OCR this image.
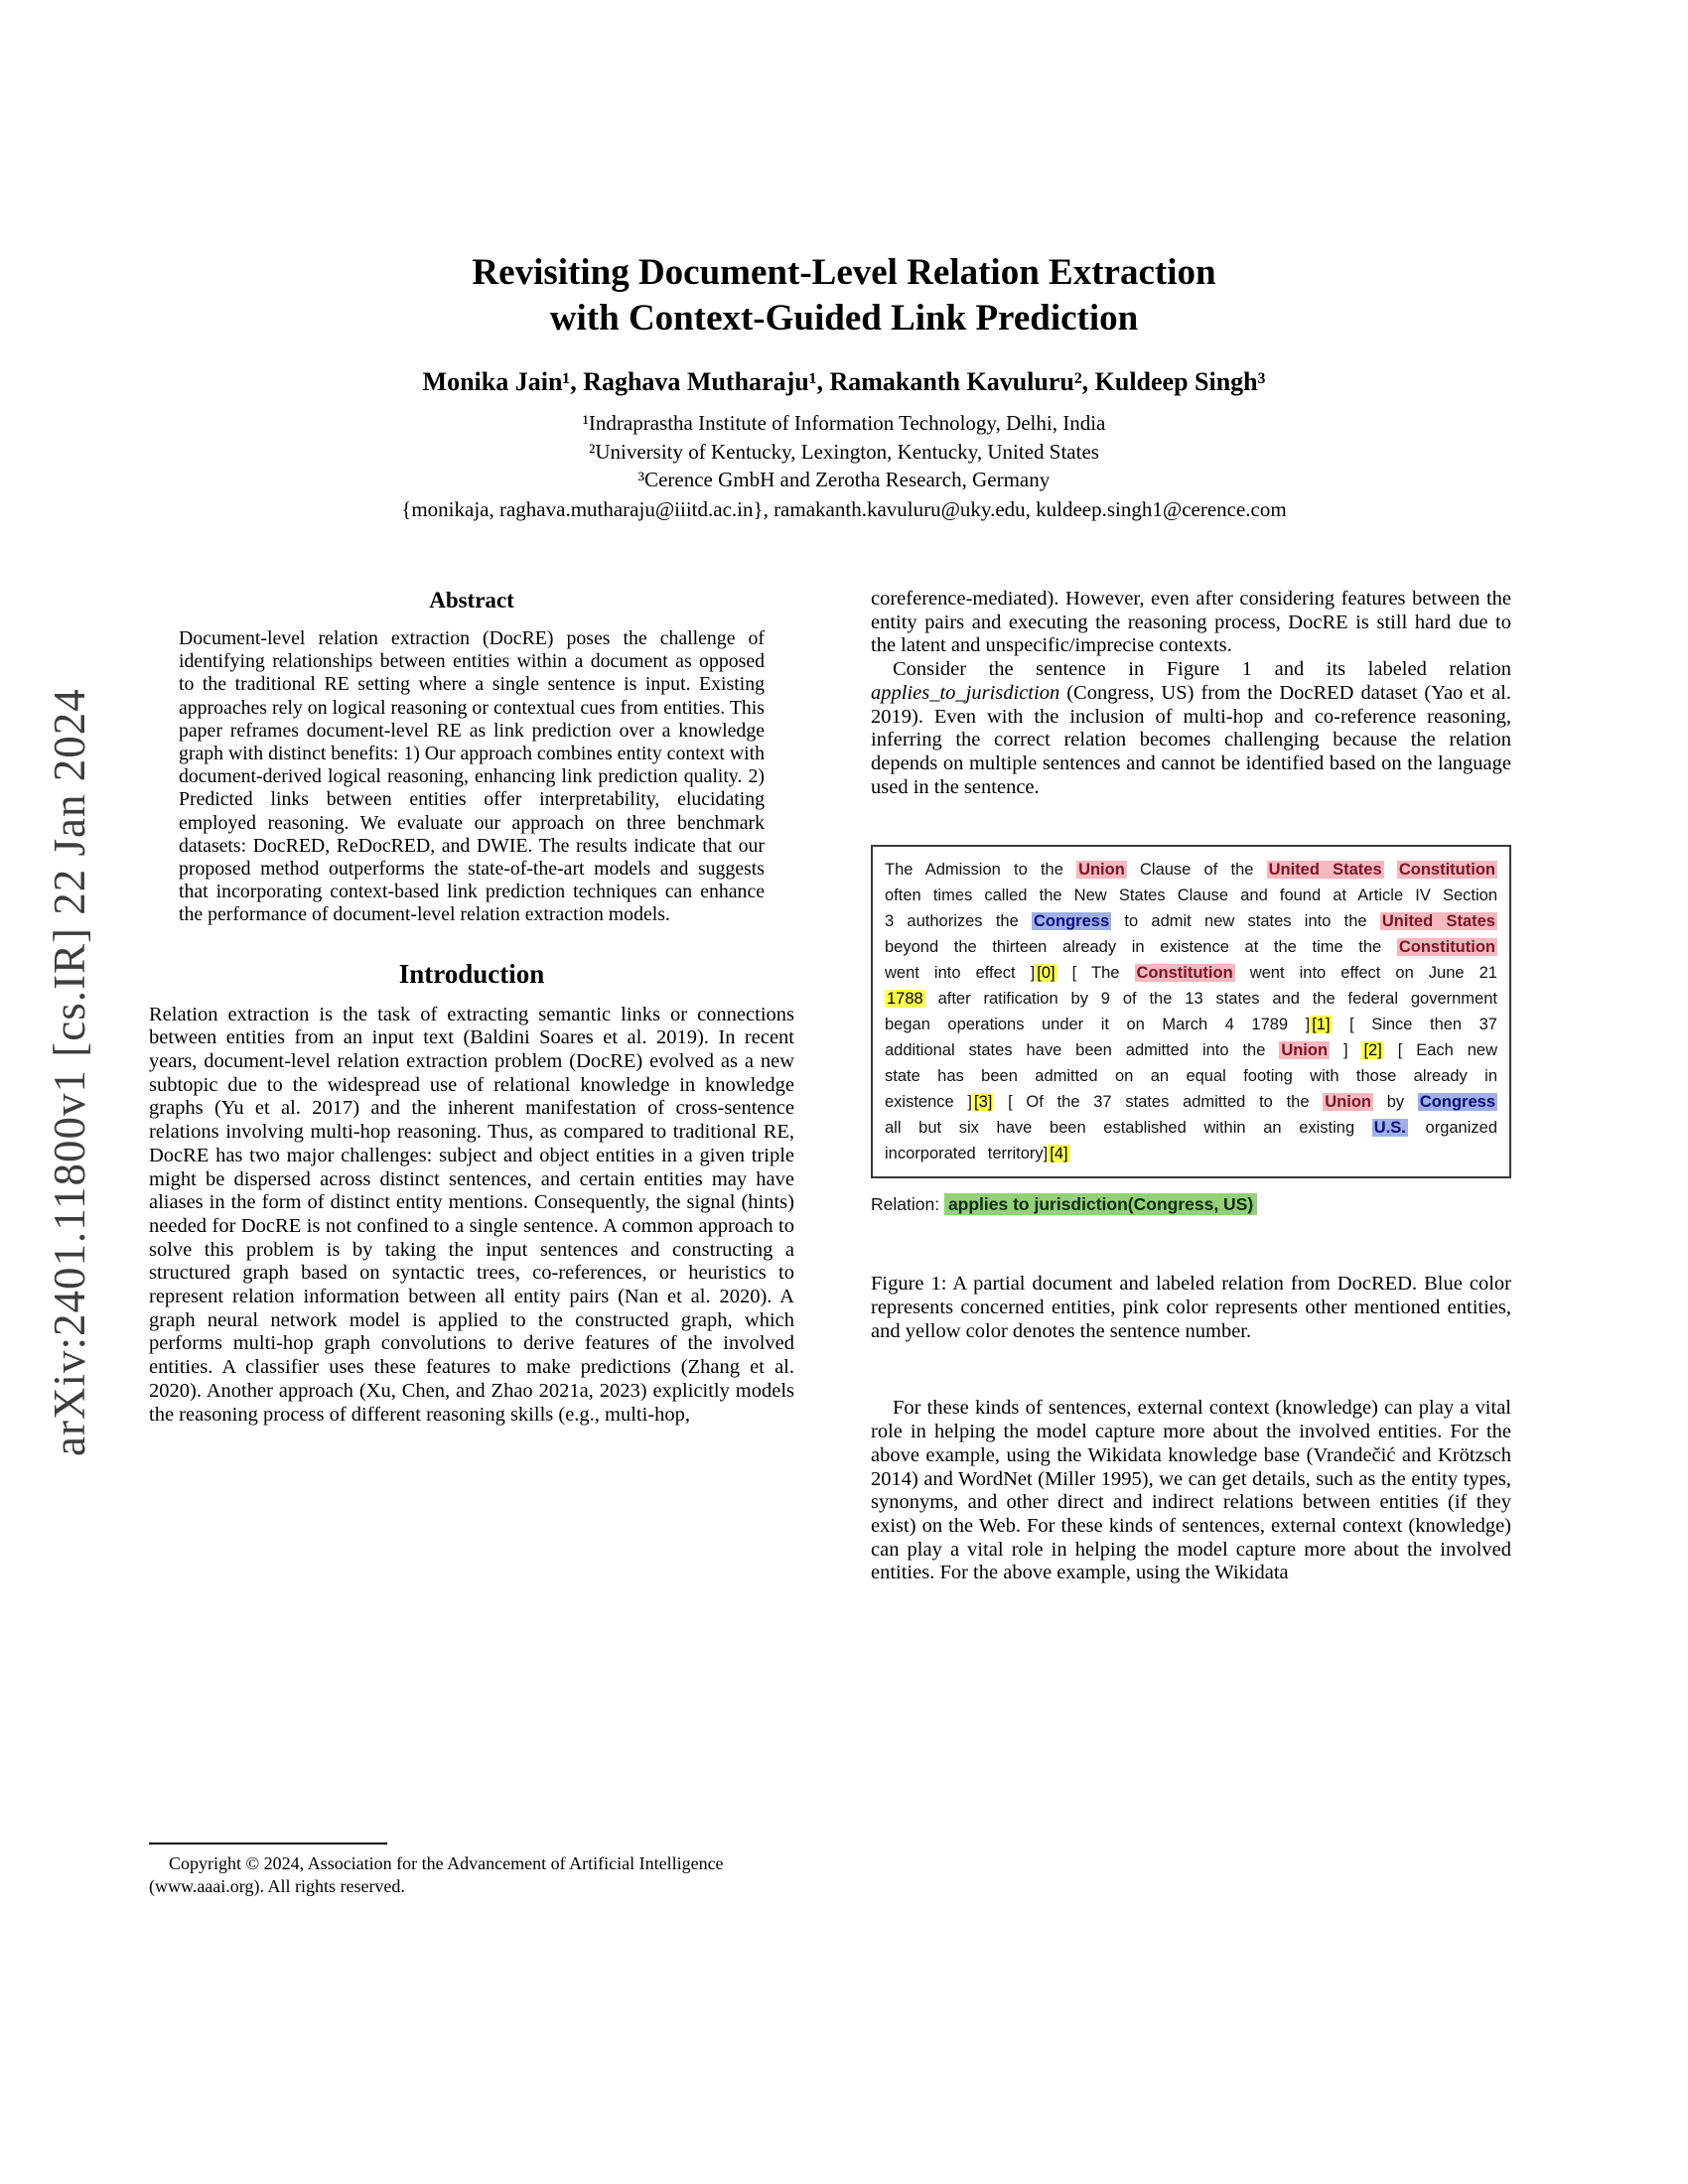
arXiv:2401.11800v1 [cs.IR] 22 Jan 2024
Revisiting Document-Level Relation Extraction
with Context-Guided Link Prediction
Monika Jain¹, Raghava Mutharaju¹, Ramakanth Kavuluru², Kuldeep Singh³
¹Indraprastha Institute of Information Technology, Delhi, India
²University of Kentucky, Lexington, Kentucky, United States
³Cerence GmbH and Zerotha Research, Germany
{monikaja, raghava.mutharaju@iiitd.ac.in}, ramakanth.kavuluru@uky.edu, kuldeep.singh1@cerence.com
Abstract
Document-level relation extraction (DocRE) poses the challenge of identifying relationships between entities within a document as opposed to the traditional RE setting where a single sentence is input. Existing approaches rely on logical reasoning or contextual cues from entities. This paper reframes document-level RE as link prediction over a knowledge graph with distinct benefits: 1) Our approach combines entity context with document-derived logical reasoning, enhancing link prediction quality. 2) Predicted links between entities offer interpretability, elucidating employed reasoning. We evaluate our approach on three benchmark datasets: DocRED, ReDocRED, and DWIE. The results indicate that our proposed method outperforms the state-of-the-art models and suggests that incorporating context-based link prediction techniques can enhance the performance of document-level relation extraction models.
Introduction
Relation extraction is the task of extracting semantic links or connections between entities from an input text (Baldini Soares et al. 2019). In recent years, document-level relation extraction problem (DocRE) evolved as a new subtopic due to the widespread use of relational knowledge in knowledge graphs (Yu et al. 2017) and the inherent manifestation of cross-sentence relations involving multi-hop reasoning. Thus, as compared to traditional RE, DocRE has two major challenges: subject and object entities in a given triple might be dispersed across distinct sentences, and certain entities may have aliases in the form of distinct entity mentions. Consequently, the signal (hints) needed for DocRE is not confined to a single sentence. A common approach to solve this problem is by taking the input sentences and constructing a structured graph based on syntactic trees, co-references, or heuristics to represent relation information between all entity pairs (Nan et al. 2020). A graph neural network model is applied to the constructed graph, which performs multi-hop graph convolutions to derive features of the involved entities. A classifier uses these features to make predictions (Zhang et al. 2020). Another approach (Xu, Chen, and Zhao 2021a, 2023) explicitly models the reasoning process of different reasoning skills (e.g., multi-hop,
Copyright © 2024, Association for the Advancement of Artificial Intelligence (www.aaai.org). All rights reserved.
coreference-mediated). However, even after considering features between the entity pairs and executing the reasoning process, DocRE is still hard due to the latent and unspecific/imprecise contexts.
Consider the sentence in Figure 1 and its labeled relation applies_to_jurisdiction (Congress, US) from the DocRED dataset (Yao et al. 2019). Even with the inclusion of multi-hop and co-reference reasoning, inferring the correct relation becomes challenging because the relation depends on multiple sentences and cannot be identified based on the language used in the sentence.
The Admission to the Union Clause of the United States Constitution often times called the New States Clause and found at Article IV Section 3 authorizes the Congress to admit new states into the United States beyond the thirteen already in existence at the time the Constitution went into effect ] [0] [ The Constitution went into effect on June 21 1788 after ratification by 9 of the 13 states and the federal government began operations under it on March 4 1789 ] [1] [ Since then 37 additional states have been admitted into the Union ] [2] [ Each new state has been admitted on an equal footing with those already in existence ] [3] [ Of the 37 states admitted to the Union by Congress all but six have been established within an existing U.S. organized incorporated territory] [4]
Relation: applies to jurisdiction(Congress, US)
Figure 1: A partial document and labeled relation from DocRED. Blue color represents concerned entities, pink color represents other mentioned entities, and yellow color denotes the sentence number.
For these kinds of sentences, external context (knowledge) can play a vital role in helping the model capture more about the involved entities. For the above example, using the Wikidata knowledge base (Vrandečić and Krötzsch 2014) and WordNet (Miller 1995), we can get details, such as the entity types, synonyms, and other direct and indirect relations between entities (if they exist) on the Web. For these kinds of sentences, external context (knowledge) can play a vital role in helping the model capture more about the involved entities. For the above example, using the Wikidata
